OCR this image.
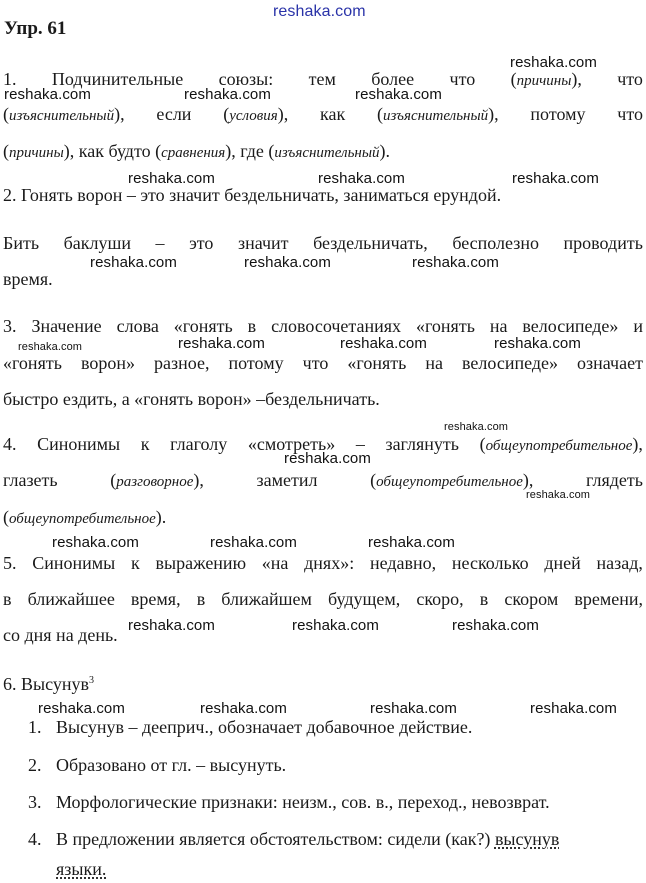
reshaka.com
reshaka.com
reshaka.com	reshaka.com	reshaka.com
reshaka.com	reshaka.com	reshaka.com
reshaka.com	reshaka.com	reshaka.com
reshaka.com	reshaka.com	reshaka.com	reshaka.com
reshaka.com
reshaka.com
reshaka.com
reshaka.com	reshaka.com	reshaka.com
reshaka.com	reshaka.com	reshaka.com
reshaka.com	reshaka.com	reshaka.com	reshaka.com
Упр. 61
1. Подчинительные союзы: тем более что (причины), что
(изъяснительный), если (условия), как (изъяснительный), потому что
(причины), как будто (сравнения), где (изъяснительный).
2. Гонять ворон – это значит бездельничать, заниматься ерундой.
Бить баклуши – это значит бездельничать, бесполезно проводить
время.
3. Значение слова «гонять в словосочетаниях «гонять на велосипеде» и
«гонять ворон» разное, потому что «гонять на велосипеде» означает
быстро ездить, а «гонять ворон» –бездельничать.
4. Синонимы к глаголу «смотреть» – заглянуть (общеупотребительное),
глазеть	(разговорное),	заметил	(общеупотребительное),	глядеть
(общеупотребительное).
5. Синонимы к выражению «на днях»: недавно, несколько дней назад,
в ближайшее время, в ближайшем будущем, скоро, в скором времени,
со дня на день.
6. Высунув$^3$
1. Высунув – дееприч., обозначает добавочное действие.
2. Образовано от гл. – высунуть.
3. Морфологические признаки: неизм., сов. в., переход., невозврат.
4. В предложении является обстоятельством: сидели (как?) высунув
языки.
